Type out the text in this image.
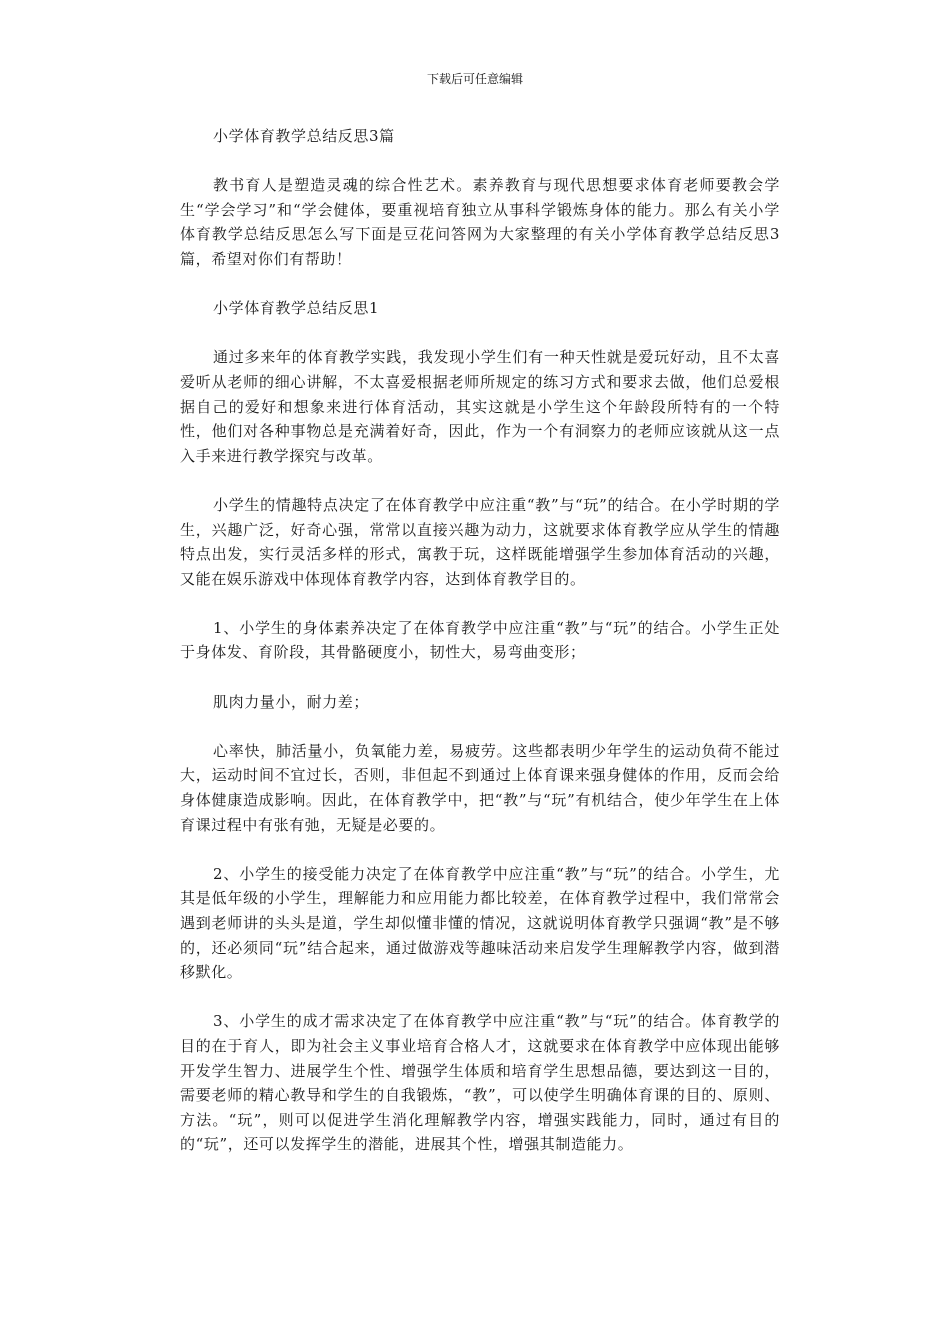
下载后可任意编辑

小学体育教学总结反思3篇

教书育人是塑造灵魂的综合性艺术。素养教育与现代思想要求体育老师要教会学生“学会学习”和“学会健体，要重视培育独立从事科学锻炼身体的能力。那么有关小学体育教学总结反思怎么写下面是豆花问答网为大家整理的有关小学体育教学总结反思3篇，希望对你们有帮助！

小学体育教学总结反思1

通过多来年的体育教学实践，我发现小学生们有一种天性就是爱玩好动，且不太喜爱听从老师的细心讲解，不太喜爱根据老师所规定的练习方式和要求去做，他们总爱根据自己的爱好和想象来进行体育活动，其实这就是小学生这个年龄段所特有的一个特性，他们对各种事物总是充满着好奇，因此，作为一个有洞察力的老师应该就从这一点入手来进行教学探究与改革。

小学生的情趣特点决定了在体育教学中应注重“教”与“玩”的结合。在小学时期的学生，兴趣广泛，好奇心强，常常以直接兴趣为动力，这就要求体育教学应从学生的情趣特点出发，实行灵活多样的形式，寓教于玩，这样既能增强学生参加体育活动的兴趣，又能在娱乐游戏中体现体育教学内容，达到体育教学目的。

1、小学生的身体素养决定了在体育教学中应注重“教”与“玩”的结合。小学生正处于身体发、育阶段，其骨骼硬度小，韧性大，易弯曲变形；

肌肉力量小，耐力差；

心率快，肺活量小，负氧能力差，易疲劳。这些都表明少年学生的运动负荷不能过大，运动时间不宜过长，否则，非但起不到通过上体育课来强身健体的作用，反而会给身体健康造成影响。因此，在体育教学中，把“教”与“玩”有机结合，使少年学生在上体育课过程中有张有弛，无疑是必要的。

2、小学生的接受能力决定了在体育教学中应注重“教”与“玩”的结合。小学生，尤其是低年级的小学生，理解能力和应用能力都比较差，在体育教学过程中，我们常常会遇到老师讲的头头是道，学生却似懂非懂的情况，这就说明体育教学只强调“教”是不够的，还必须同“玩”结合起来，通过做游戏等趣味活动来启发学生理解教学内容，做到潜移默化。

3、小学生的成才需求决定了在体育教学中应注重“教”与“玩”的结合。体育教学的目的在于育人，即为社会主义事业培育合格人才，这就要求在体育教学中应体现出能够开发学生智力、进展学生个性、增强学生体质和培育学生思想品德，要达到这一目的，需要老师的精心教导和学生的自我锻炼，“教”，可以使学生明确体育课的目的、原则、方法。“玩”，则可以促进学生消化理解教学内容，增强实践能力，同时，通过有目的的“玩”，还可以发挥学生的潜能，进展其个性，增强其制造能力。
